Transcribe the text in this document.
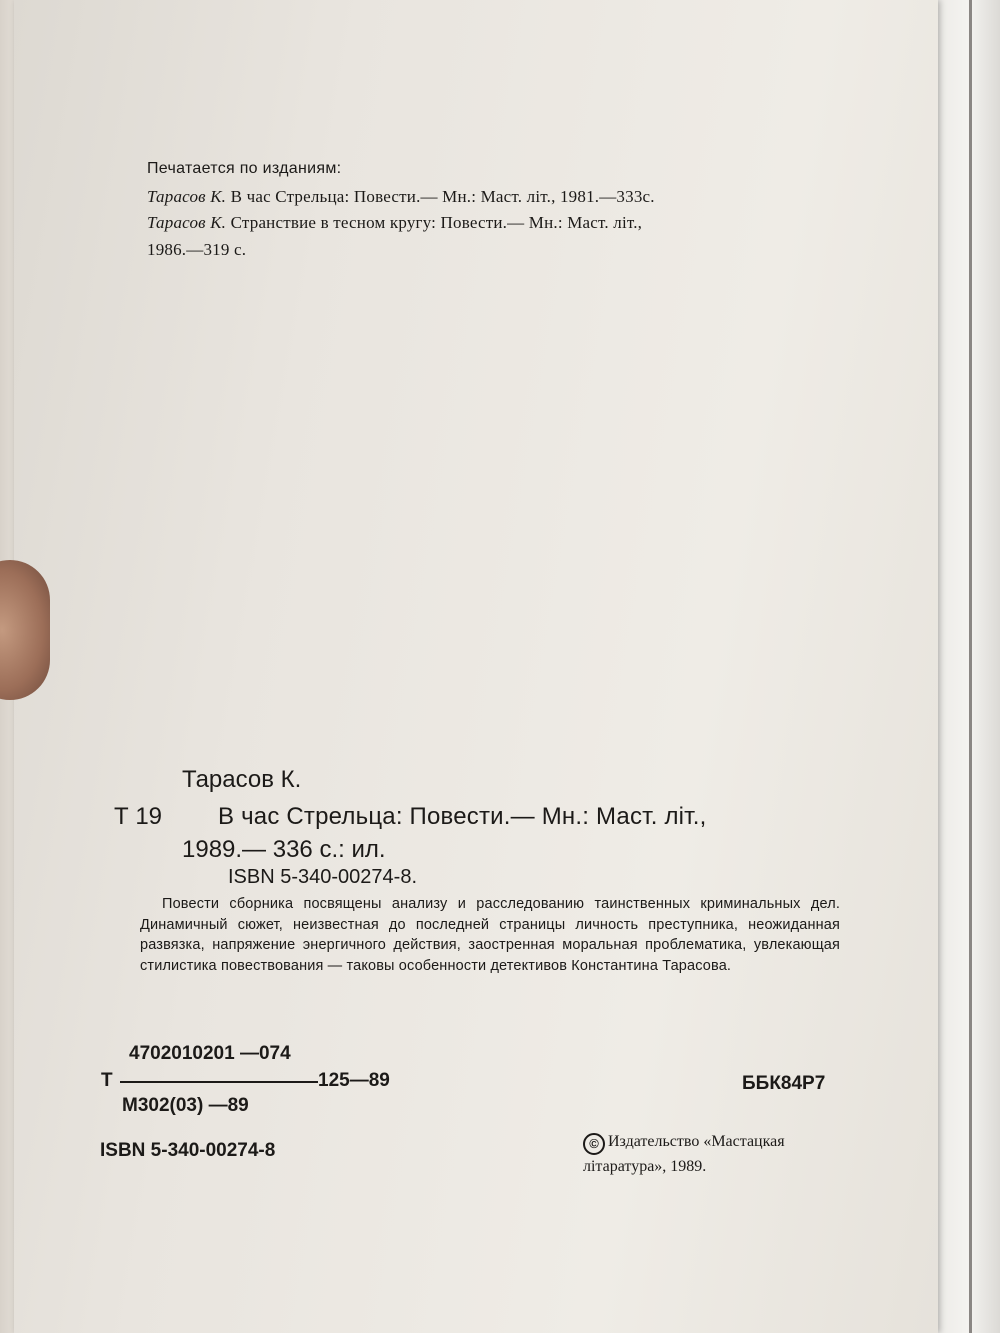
Печатается по изданиям:
Тарасов К. В час Стрельца: Повести.— Мн.: Маст. літ., 1981.—333с.
Тарасов К. Странствие в тесном кругу: Повести.— Мн.: Маст. літ.,
1986.—319 с.
Тарасов К.
Т 19 В час Стрельца: Повести.— Мн.: Маст. літ.,
1989.— 336 с.: ил.
ISBN 5-340-00274-8.
Повести сборника посвящены анализу и расследованию таинственных криминальных дел. Динамичный сюжет, неизвестная до последней страницы личность преступника, неожиданная развязка, напряжение энергичного действия, заостренная моральная проблематика, увлекающая стилистика повествования — таковы особенности детективов Константина Тарасова.
4702010201 —074
Т	125—89
М302(03) —89
ББК84Р7
ISBN 5-340-00274-8	© Издательство «Мастацкая
літаратура», 1989.
